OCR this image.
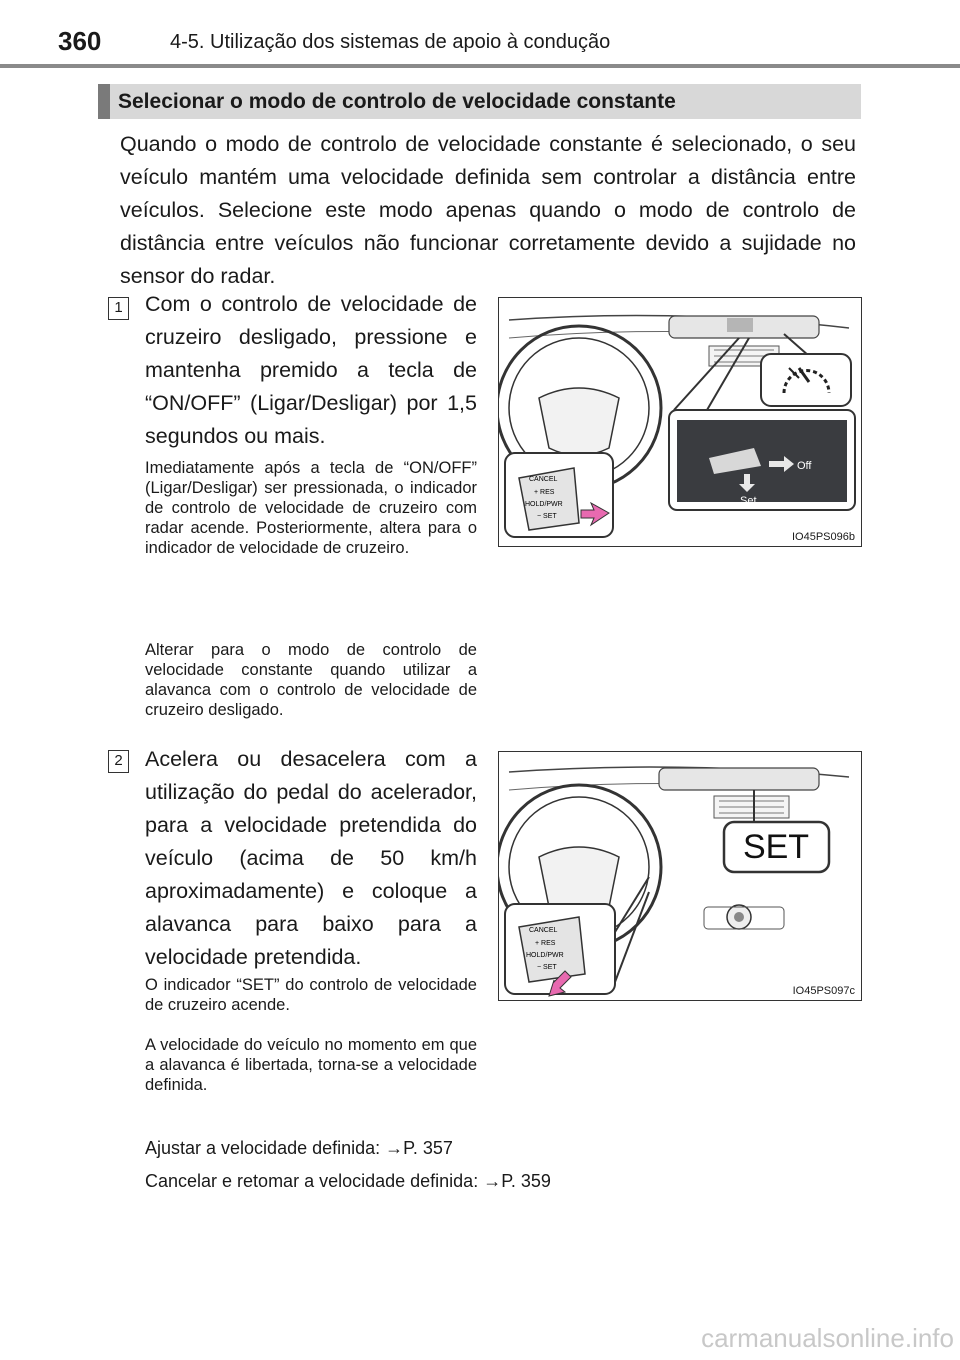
360	4-5. Utilização dos sistemas de apoio à condução
Selecionar o modo de controlo de velocidade constante
Quando o modo de controlo de velocidade constante é selecionado, o seu veículo mantém uma velocidade definida sem controlar a distância entre veículos. Selecione este modo apenas quando o modo de controlo de distância entre veículos não funcionar corretamente devido a sujidade no sensor do radar.
1 Com o controlo de velocidade de cruzeiro desligado, pressione e mantenha premido a tecla de “ON/OFF” (Ligar/Desligar) por 1,5 segundos ou mais.
Imediatamente após a tecla de “ON/OFF” (Ligar/Desligar) ser pressionada, o indicador de controlo de velocidade de cruzeiro com radar acende. Posteriormente, altera para o indicador de velocidade de cruzeiro.
Alterar para o modo de controlo de velocidade constante quando utilizar a alavanca com o controlo de velocidade de cruzeiro desligado.
Off
Set
CANCEL
+ RES
HOLD/PWR
− SET
IO45PS096b
2 Acelera ou desacelera com a utilização do pedal do acelerador, para a velocidade pretendida do veículo (acima de 50 km/h aproximadamente) e coloque a alavanca para baixo para a velocidade pretendida.
O indicador “SET” do controlo de velocidade de cruzeiro acende.
A velocidade do veículo no momento em que a alavanca é libertada, torna-se a velocidade definida.
SET
CANCEL
+ RES
HOLD/PWR
− SET
IO45PS097c
Ajustar a velocidade definida: →P. 357
Cancelar e retomar a velocidade definida: →P. 359
carmanualsonline.info
